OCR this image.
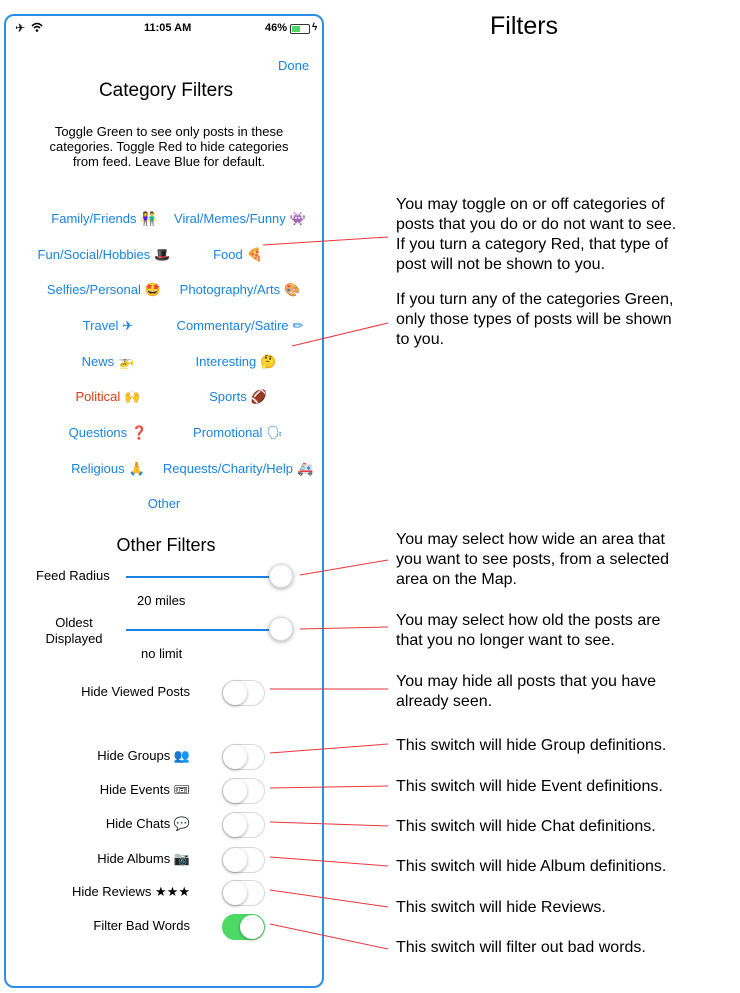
Filters
✈	11:05 AM	46% ϟ
Done
Category Filters
Toggle Green to see only posts in these categories. Toggle Red to hide categories from feed. Leave Blue for default.
Family/Friends 👫 Viral/Memes/Funny 👾
Fun/Social/Hobbies 🎩	Food 🍕
Selfies/Personal 🤩 Photography/Arts 🎨
Travel ✈	Commentary/Satire ✏
News 🚁	Interesting 🤔
Political 🙌	Sports 🏈
Questions ❓	Promotional 🗣
Religious 🙏 Requests/Charity/Help 🚑
Other
Other Filters
Feed Radius
20 miles
Oldest Displayed
no limit
Hide Viewed Posts
Hide Groups 👥
Hide Events 🎟
Hide Chats 💬
Hide Albums 📷
Hide Reviews ★★★
Filter Bad Words
You may toggle on or off categories of
posts that you do or do not want to see.
If you turn a category Red, that type of
post will not be shown to you.
If you turn any of the categories Green,
only those types of posts will be shown
to you.
You may select how wide an area that
you want to see posts, from a selected
area on the Map.
You may select how old the posts are
that you no longer want to see.
You may hide all posts that you have
already seen.
This switch will hide Group definitions.
This switch will hide Event definitions.
This switch will hide Chat definitions.
This switch will hide Album definitions.
This switch will hide Reviews.
This switch will filter out bad words.
